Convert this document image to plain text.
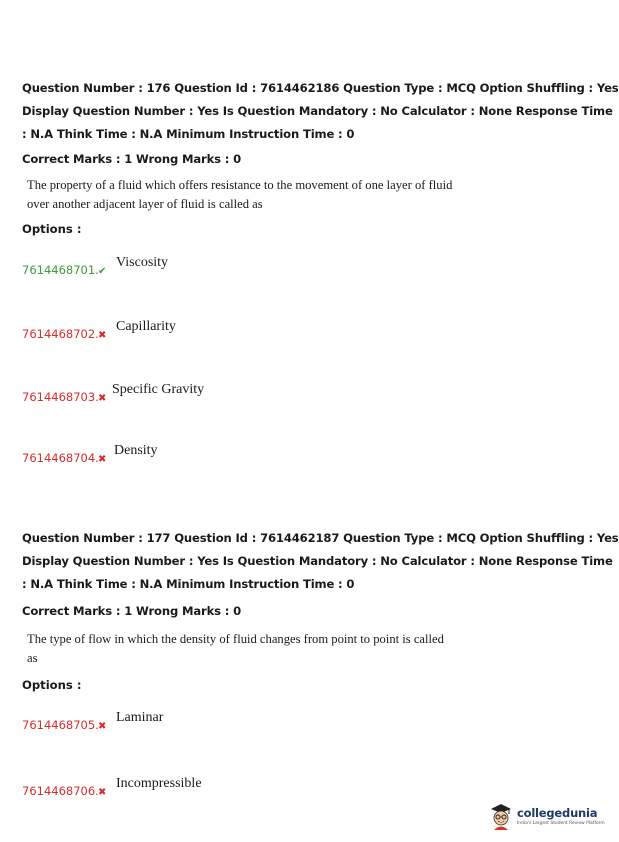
Question Number : 176 Question Id : 7614462186 Question Type : MCQ Option Shuffling : Yes
Display Question Number : Yes Is Question Mandatory : No Calculator : None Response Time
: N.A Think Time : N.A Minimum Instruction Time : 0
Correct Marks : 1 Wrong Marks : 0
The property of a fluid which offers resistance to the movement of one layer of fluid
over another adjacent layer of fluid is called as
Options :
7614468701. ✔
Viscosity
7614468702. ✖
Capillarity
7614468703. ✖
Specific Gravity
7614468704. ✖
Density
Question Number : 177 Question Id : 7614462187 Question Type : MCQ Option Shuffling : Yes
Display Question Number : Yes Is Question Mandatory : No Calculator : None Response Time
: N.A Think Time : N.A Minimum Instruction Time : 0
Correct Marks : 1 Wrong Marks : 0
The type of flow in which the density of fluid changes from point to point is called
as
Options :
7614468705. ✖
Laminar
7614468706. ✖
Incompressible
collegedunia
India's Largest Student Review Platform
